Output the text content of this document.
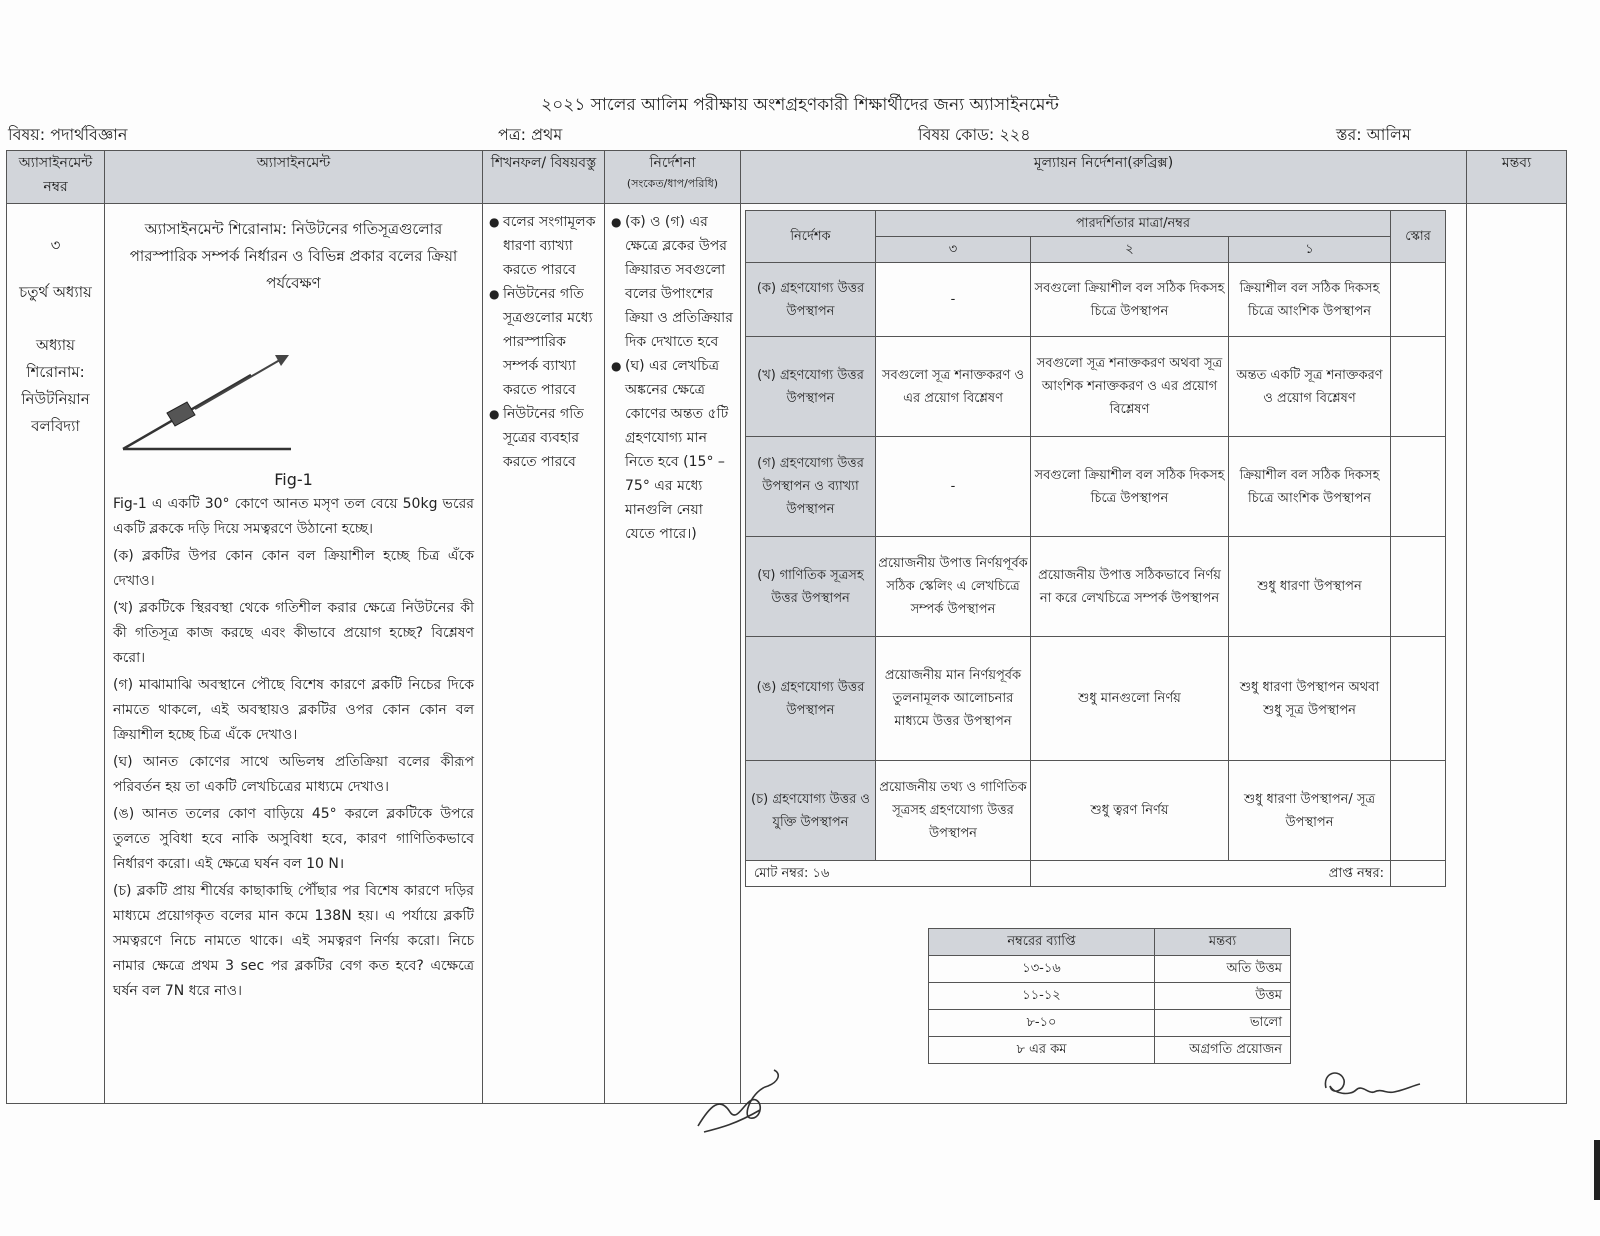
২০২১ সালের আলিম পরীক্ষায় অংশগ্রহণকারী শিক্ষার্থীদের জন্য অ্যাসাইনমেন্ট
বিষয়: পদার্থবিজ্ঞান	পত্র: প্রথম	বিষয় কোড: ২২৪	স্তর: আলিম
অ্যাসাইনমেন্ট নম্বর	অ্যাসাইনমেন্ট	শিখনফল/ বিষয়বস্তু	নির্দেশনা
(সংকেত/ধাপ/পরিধি)
	মূল্যায়ন নির্দেশনা(রুব্রিক্স)	মন্তব্য

৩
চতুর্থ অধ্যায়
অধ্যায় শিরোনাম:
নিউটনিয়ান বলবিদ্যা

অ্যাসাইনমেন্ট শিরোনাম: নিউটনের গতিসূত্রগুলোর পারস্পারিক সম্পর্ক নির্ধারন ও বিভিন্ন প্রকার বলের ক্রিয়া পর্যবেক্ষণ
Fig-1

Fig-1 এ একটি 30° কোণে আনত মসৃণ তল বেয়ে 50kg ভরের একটি ব্লককে দড়ি দিয়ে সমত্বরণে উঠানো হচ্ছে।

(ক) ব্লকটির উপর কোন কোন বল ক্রিয়াশীল হচ্ছে চিত্র এঁকে দেখাও।

(খ) ব্লকটিকে স্থিরবস্থা থেকে গতিশীল করার ক্ষেত্রে নিউটনের কী কী গতিসূত্র কাজ করছে এবং কীভাবে প্রয়োগ হচ্ছে? বিশ্লেষণ করো।

(গ) মাঝামাঝি অবস্থানে পৌছে বিশেষ কারণে ব্লকটি নিচের দিকে নামতে থাকলে, এই অবস্থায়ও ব্লকটির ওপর কোন কোন বল ক্রিয়াশীল হচ্ছে চিত্র এঁকে দেখাও।

(ঘ) আনত কোণের সাথে অভিলম্ব প্রতিক্রিয়া বলের কীরূপ পরিবর্তন হয় তা একটি লেখচিত্রের মাধ্যমে দেখাও।

(ঙ) আনত তলের কোণ বাড়িয়ে 45° করলে ব্লকটিকে উপরে তুলতে সুবিধা হবে নাকি অসুবিধা হবে, কারণ গাণিতিকভাবে নির্ধারণ করো। এই ক্ষেত্রে ঘর্ষন বল 10 N।

(চ) ব্লকটি প্রায় শীর্ষের কাছাকাছি পৌঁছার পর বিশেষ কারণে দড়ির মাধ্যমে প্রয়োগকৃত বলের মান কমে 138N হয়। এ পর্যায়ে ব্লকটি সমত্বরণে নিচে নামতে থাকে। এই সমত্বরণ নির্ণয় করো। নিচে নামার ক্ষেত্রে প্রথম 3 sec পর ব্লকটির বেগ কত হবে? এক্ষেত্রে ঘর্ষন বল 7N ধরে নাও।

● বলের সংগামূলক ধারণা ব্যাখ্যা করতে পারবে
● নিউটনের গতি সূত্রগুলোর মধ্যে পারস্পারিক সম্পর্ক ব্যাখ্যা করতে পারবে
● নিউটনের গতি সূত্রের ব্যবহার করতে পারবে

● (ক) ও (গ) এর ক্ষেত্রে ব্লকের উপর ক্রিয়ারত সবগুলো বলের উপাংশের ক্রিয়া ও প্রতিক্রিয়ার দিক দেখাতে হবে
● (ঘ) এর লেখচিত্র অঙ্কনের ক্ষেত্রে কোণের অন্তত ৫টি গ্রহণযোগ্য মান নিতে হবে (15° – 75° এর মধ্যে মানগুলি নেয়া যেতে পারে।)

নির্দেশক	পারদর্শিতার মাত্রা/নম্বর	স্কোর
৩	২	১
(ক) গ্রহণযোগ্য উত্তর উপস্থাপন	-	সবগুলো ক্রিয়াশীল বল সঠিক দিকসহ চিত্রে উপস্থাপন	ক্রিয়াশীল বল সঠিক দিকসহ চিত্রে আংশিক উপস্থাপন	
(খ) গ্রহণযোগ্য উত্তর উপস্থাপন	সবগুলো সূত্র শনাক্তকরণ ও এর প্রয়োগ বিশ্লেষণ	সবগুলো সূত্র শনাক্তকরণ অথবা সূত্র আংশিক শনাক্তকরণ ও এর প্রয়োগ বিশ্লেষণ	অন্তত একটি সূত্র শনাক্তকরণ ও প্রয়োগ বিশ্লেষণ	
(গ) গ্রহণযোগ্য উত্তর উপস্থাপন ও ব্যাখ্যা উপস্থাপন	-	সবগুলো ক্রিয়াশীল বল সঠিক দিকসহ চিত্রে উপস্থাপন	ক্রিয়াশীল বল সঠিক দিকসহ চিত্রে আংশিক উপস্থাপন	
(ঘ) গাণিতিক সূত্রসহ উত্তর উপস্থাপন	প্রয়োজনীয় উপাত্ত নির্ণয়পূর্বক সঠিক স্কেলিং এ লেখচিত্রে সম্পর্ক উপস্থাপন	প্রয়োজনীয় উপাত্ত সঠিকভাবে নির্ণয় না করে লেখচিত্রে সম্পর্ক উপস্থাপন	শুধু ধারণা উপস্থাপন	
(ঙ) গ্রহণযোগ্য উত্তর উপস্থাপন	প্রয়োজনীয় মান নির্ণয়পূর্বক তুলনামূলক আলোচনার মাধ্যমে উত্তর উপস্থাপন	শুধু মানগুলো নির্ণয়	শুধু ধারণা উপস্থাপন অথবা শুধু সূত্র উপস্থাপন	
(চ) গ্রহণযোগ্য উত্তর ও যুক্তি উপস্থাপন	প্রয়োজনীয় তথ্য ও গাণিতিক সূত্রসহ গ্রহণযোগ্য উত্তর উপস্থাপন	শুধু ত্বরণ নির্ণয়	শুধু ধারণা উপস্থাপন/ সূত্র উপস্থাপন	
মোট নম্বর: ১৬	প্রাপ্ত নম্বর:	

নম্বরের ব্যাপ্তি	মন্তব্য
১৩-১৬	অতি উত্তম
১১-১২	উত্তম
৮-১০	ভালো
৮ এর কম	অগ্রগতি প্রয়োজন
